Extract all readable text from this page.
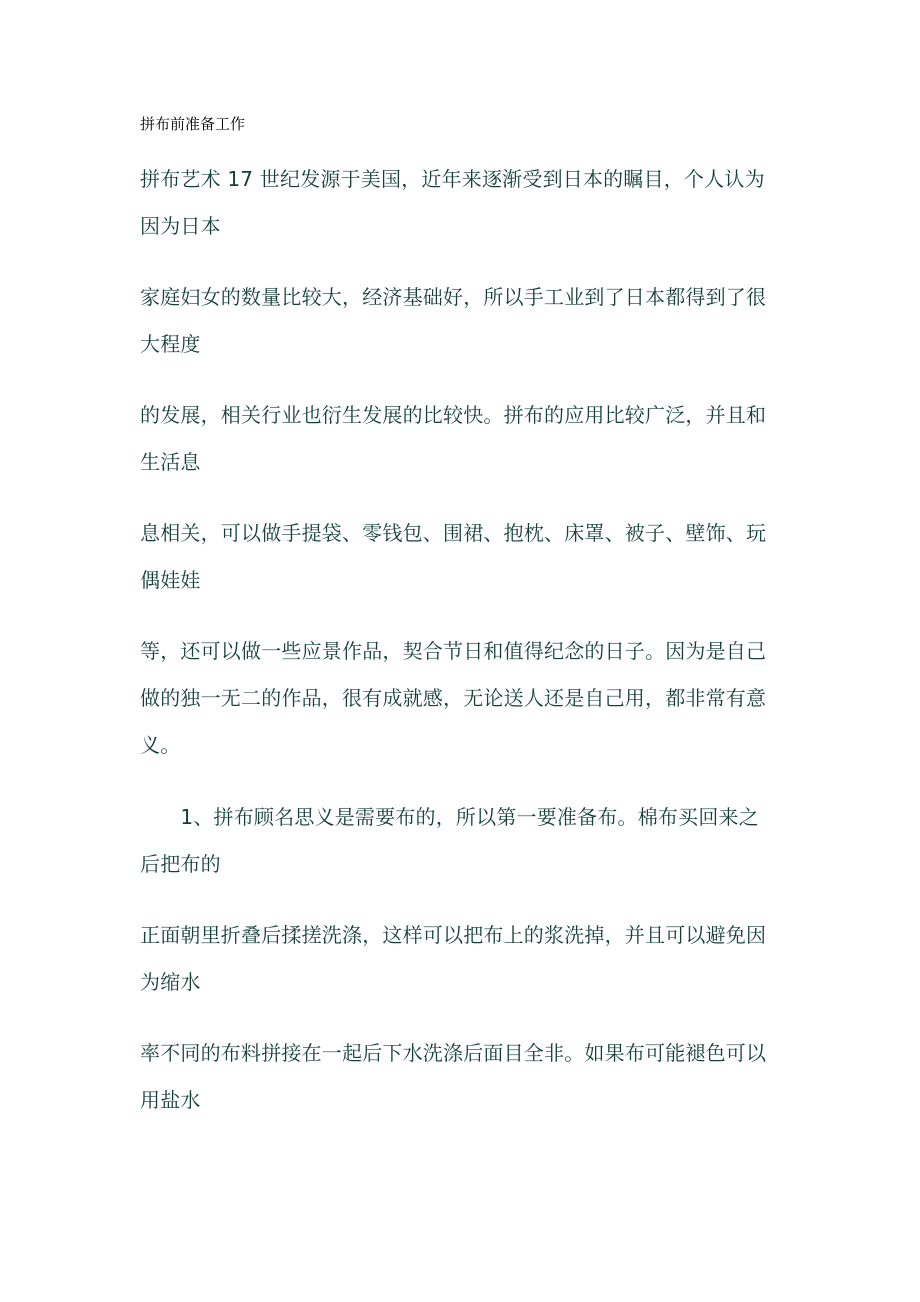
拼布前准备工作
拼布艺术 17 世纪发源于美国，近年来逐渐受到日本的瞩目，个人认为
因为日本
家庭妇女的数量比较大，经济基础好，所以手工业到了日本都得到了很
大程度
的发展，相关行业也衍生发展的比较快。拼布的应用比较广泛，并且和
生活息
息相关，可以做手提袋、零钱包、围裙、抱枕、床罩、被子、壁饰、玩
偶娃娃
等，还可以做一些应景作品，契合节日和值得纪念的日子。因为是自己
做的独一无二的作品，很有成就感，无论送人还是自己用，都非常有意
义。
　　1、拼布顾名思义是需要布的，所以第一要准备布。棉布买回来之
后把布的
正面朝里折叠后揉搓洗涤，这样可以把布上的浆洗掉，并且可以避免因
为缩水
率不同的布料拼接在一起后下水洗涤后面目全非。如果布可能褪色可以
用盐水
